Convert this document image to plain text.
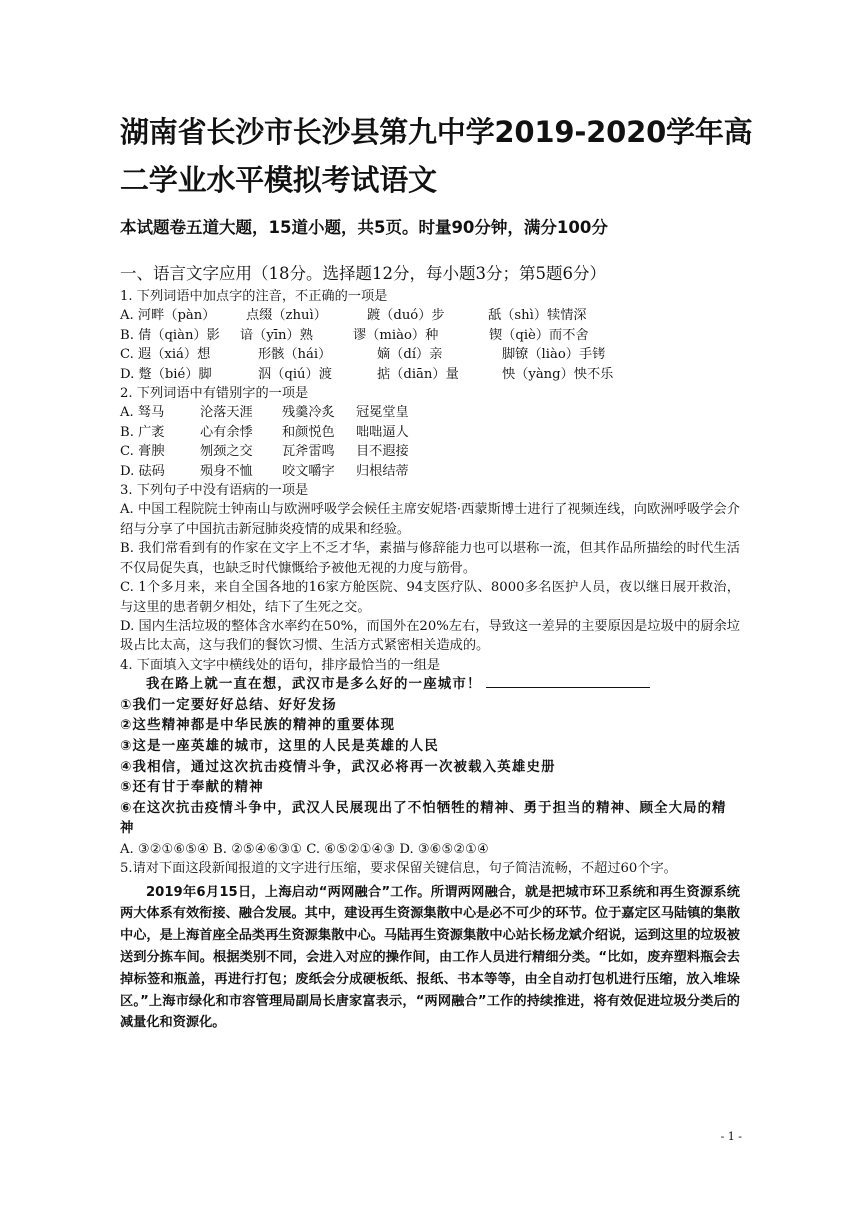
湖南省长沙市长沙县第九中学2019-2020学年高二学业水平模拟考试语文
本试题卷五道大题，15道小题，共5页。时量90分钟，满分100分
一、语言文字应用（18分。选择题12分，每小题3分；第5题6分）
1. 下列词语中加点字的注音，不正确的一项是
A. 河畔（pàn）	点缀（zhuì）	踱（duó）步	舐（shì）犊情深
B. 倩（qiàn）影	谙（yīn）熟	谬（miào）种	锲（qiè）而不舍
C. 遐（xiá）想	形骸（hái）	嫡（dí）亲	脚镣（liào）手铐
D. 蹩（bié）脚	泅（qiú）渡	掂（diān）量	怏（yàng）怏不乐
2. 下列词语中有错别字的一项是
A. 驽马	沦落天涯	残羹冷炙	冠冕堂皇
B. 广袤	心有余悸	和颜悦色	咄咄逼人
C. 膏腴	刎颈之交	瓦斧雷鸣	目不遐接
D. 砝码	殒身不恤	咬文嚼字	归根结蒂
3. 下列句子中没有语病的一项是
A. 中国工程院院士钟南山与欧洲呼吸学会候任主席安妮塔·西蒙斯博士进行了视频连线，向欧洲呼吸学会介绍与分享了中国抗击新冠肺炎疫情的成果和经验。
B. 我们常看到有的作家在文字上不乏才华，素描与修辞能力也可以堪称一流，但其作品所描绘的时代生活不仅局促失真，也缺乏时代慷慨给予被他无视的力度与筋骨。
C. 1个多月来，来自全国各地的16家方舱医院、94支医疗队、8000多名医护人员，夜以继日展开救治，与这里的患者朝夕相处，结下了生死之交。
D. 国内生活垃圾的整体含水率约在50%，而国外在20%左右，导致这一差异的主要原因是垃圾中的厨余垃圾占比太高，这与我们的餐饮习惯、生活方式紧密相关造成的。
4. 下面填入文字中横线处的语句，排序最恰当的一组是
我在路上就一直在想，武汉市是多么好的一座城市！
①我们一定要好好总结、好好发扬
②这些精神都是中华民族的精神的重要体现
③这是一座英雄的城市，这里的人民是英雄的人民
④我相信，通过这次抗击疫情斗争，武汉必将再一次被载入英雄史册
⑤还有甘于奉献的精神
⑥在这次抗击疫情斗争中，武汉人民展现出了不怕牺牲的精神、勇于担当的精神、顾全大局的精神
A. ③②①⑥⑤④ B. ②⑤④⑥③① C. ⑥⑤②①④③ D. ③⑥⑤②①④
5.请对下面这段新闻报道的文字进行压缩，要求保留关键信息，句子简洁流畅，不超过60个字。
2019年6月15日，上海启动“两网融合”工作。所谓两网融合，就是把城市环卫系统和再生资源系统两大体系有效衔接、融合发展。其中，建设再生资源集散中心是必不可少的环节。位于嘉定区马陆镇的集散中心，是上海首座全品类再生资源集散中心。马陆再生资源集散中心站长杨龙斌介绍说，运到这里的垃圾被送到分拣车间。根据类别不同，会进入对应的操作间，由工作人员进行精细分类。“比如，废弃塑料瓶会去掉标签和瓶盖，再进行打包；废纸会分成硬板纸、报纸、书本等等，由全自动打包机进行压缩，放入堆垛区。”上海市绿化和市容管理局副局长唐家富表示，“两网融合”工作的持续推进，将有效促进垃圾分类后的减量化和资源化。
- 1 -
